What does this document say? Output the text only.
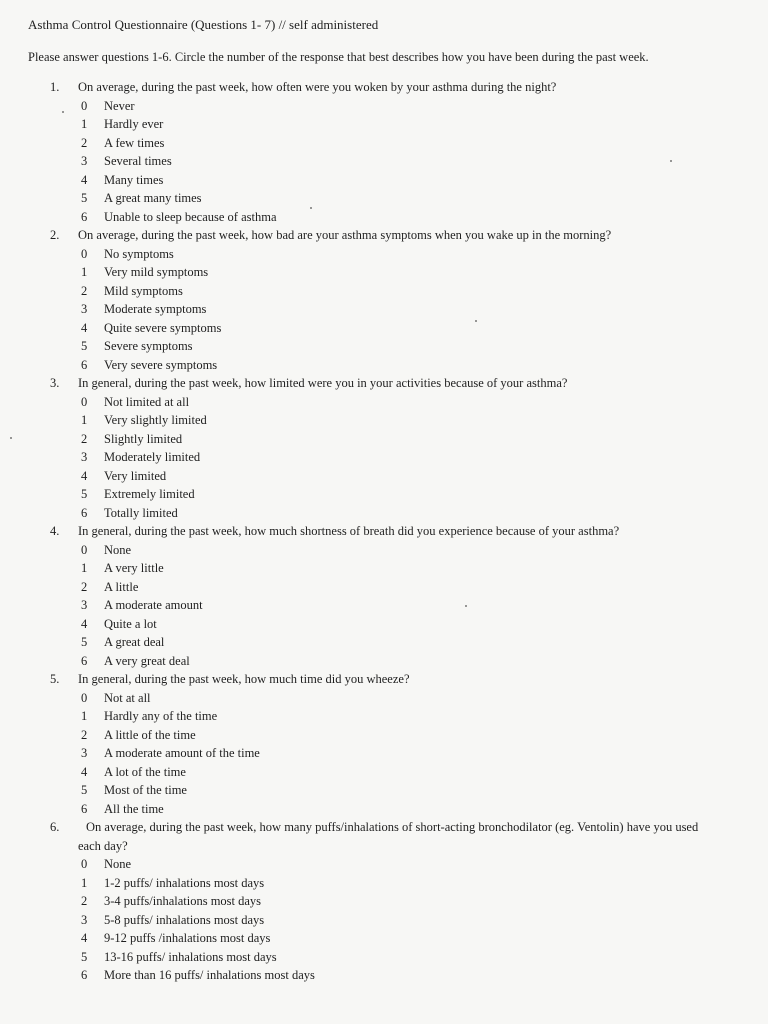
Asthma Control Questionnaire (Questions 1- 7) // self administered
Please answer questions 1-6. Circle the number of the response that best describes how you have been during the past week.
1. On average, during the past week, how often were you woken by your asthma during the night?
0 Never
1 Hardly ever
2 A few times
3 Several times
4 Many times
5 A great many times
6 Unable to sleep because of asthma
2. On average, during the past week, how bad are your asthma symptoms when you wake up in the morning?
0 No symptoms
1 Very mild symptoms
2 Mild symptoms
3 Moderate symptoms
4 Quite severe symptoms
5 Severe symptoms
6 Very severe symptoms
3. In general, during the past week, how limited were you in your activities because of your asthma?
0 Not limited at all
1 Very slightly limited
2 Slightly limited
3 Moderately limited
4 Very limited
5 Extremely limited
6 Totally limited
4. In general, during the past week, how much shortness of breath did you experience because of your asthma?
0 None
1 A very little
2 A little
3 A moderate amount
4 Quite a lot
5 A great deal
6 A very great deal
5. In general, during the past week, how much time did you wheeze?
0 Not at all
1 Hardly any of the time
2 A little of the time
3 A moderate amount of the time
4 A lot of the time
5 Most of the time
6 All the time
6. On average, during the past week, how many puffs/inhalations of short-acting bronchodilator (eg. Ventolin) have you used
each day?
0 None
1 1-2 puffs/ inhalations most days
2 3-4 puffs/inhalations most days
3 5-8 puffs/ inhalations most days
4 9-12 puffs /inhalations most days
5 13-16 puffs/ inhalations most days
6 More than 16 puffs/ inhalations most days
